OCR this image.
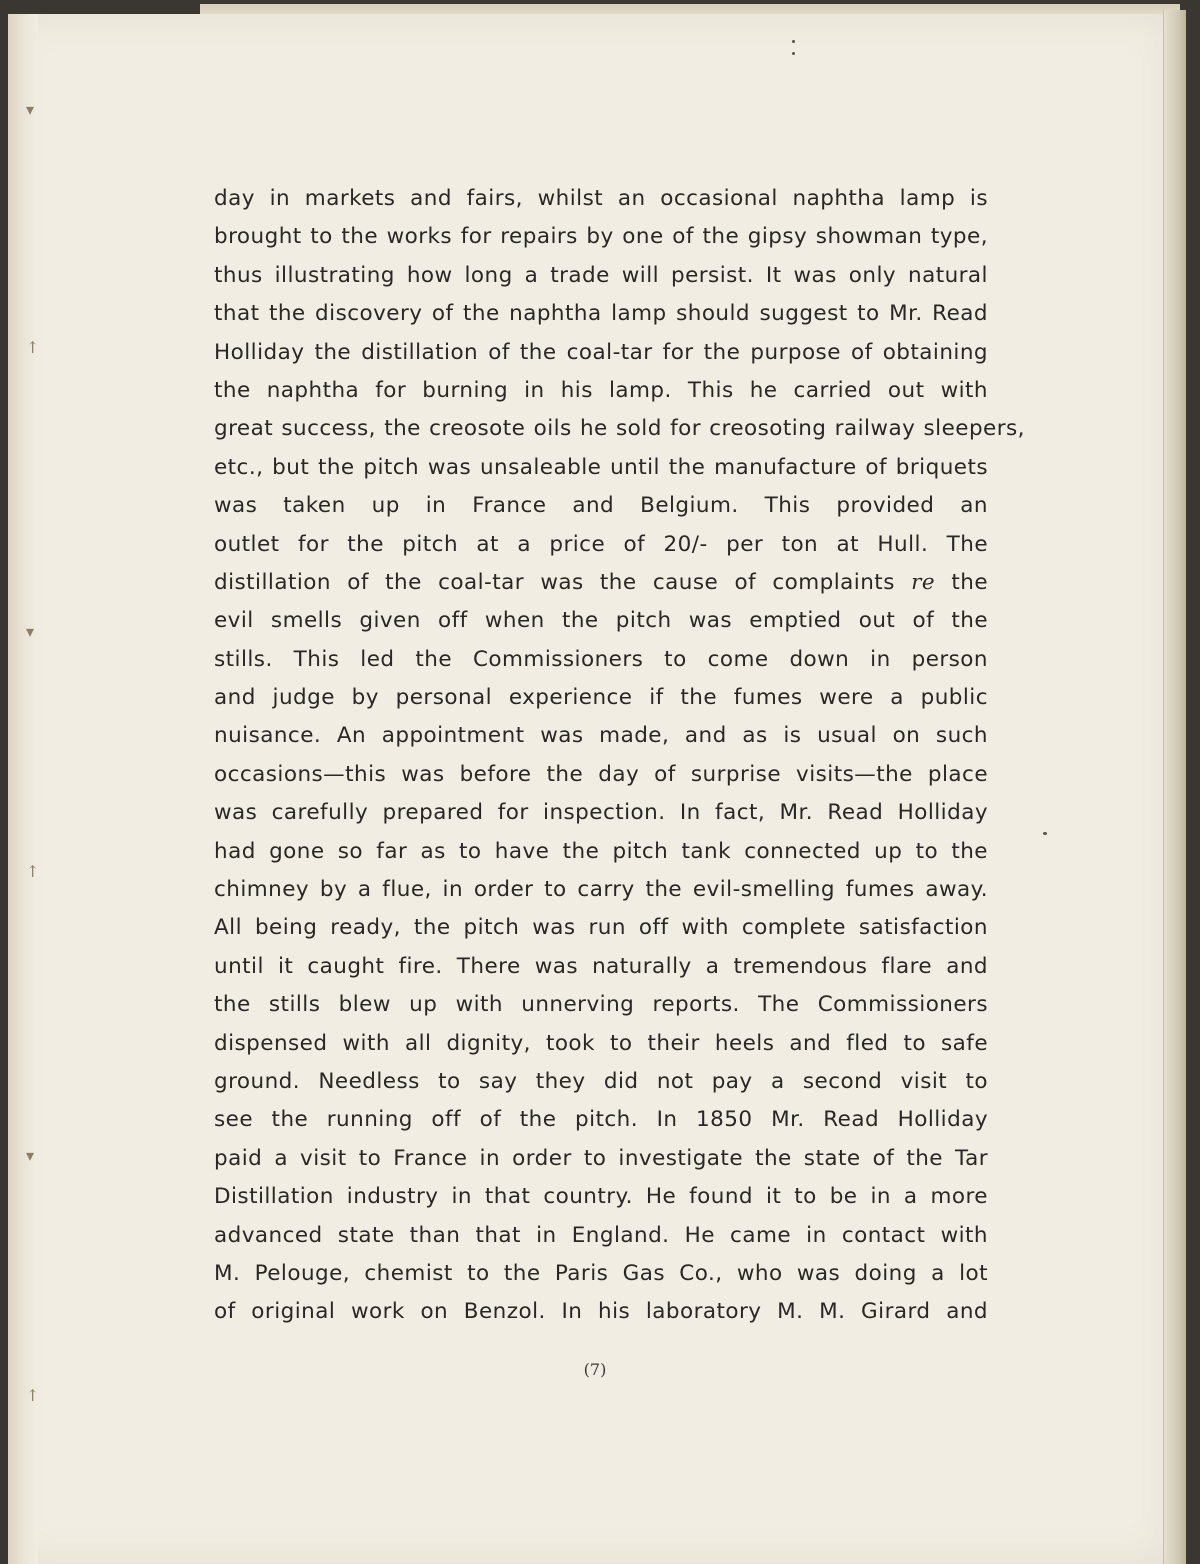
▾
↑
▾
↑
▾
↑
day in markets and fairs, whilst an occasional naphtha lamp is
brought to the works for repairs by one of the gipsy showman type,
thus illustrating how long a trade will persist. It was only natural
that the discovery of the naphtha lamp should suggest to Mr. Read
Holliday the distillation of the coal-tar for the purpose of obtaining
the naphtha for burning in his lamp. This he carried out with
great success, the creosote oils he sold for creosoting railway sleepers,
etc., but the pitch was unsaleable until the manufacture of briquets
was taken up in France and Belgium. This provided an
outlet for the pitch at a price of 20/- per ton at Hull. The
distillation of the coal-tar was the cause of complaints re the
evil smells given off when the pitch was emptied out of the
stills. This led the Commissioners to come down in person
and judge by personal experience if the fumes were a public
nuisance. An appointment was made, and as is usual on such
occasions—this was before the day of surprise visits—the place
was carefully prepared for inspection. In fact, Mr. Read Holliday
had gone so far as to have the pitch tank connected up to the
chimney by a flue, in order to carry the evil-smelling fumes away.
All being ready, the pitch was run off with complete satisfaction
until it caught fire. There was naturally a tremendous flare and
the stills blew up with unnerving reports. The Commissioners
dispensed with all dignity, took to their heels and fled to safe
ground. Needless to say they did not pay a second visit to
see the running off of the pitch. In 1850 Mr. Read Holliday
paid a visit to France in order to investigate the state of the Tar
Distillation industry in that country. He found it to be in a more
advanced state than that in England. He came in contact with
M. Pelouge, chemist to the Paris Gas Co., who was doing a lot
of original work on Benzol. In his laboratory M. M. Girard and
(7)
